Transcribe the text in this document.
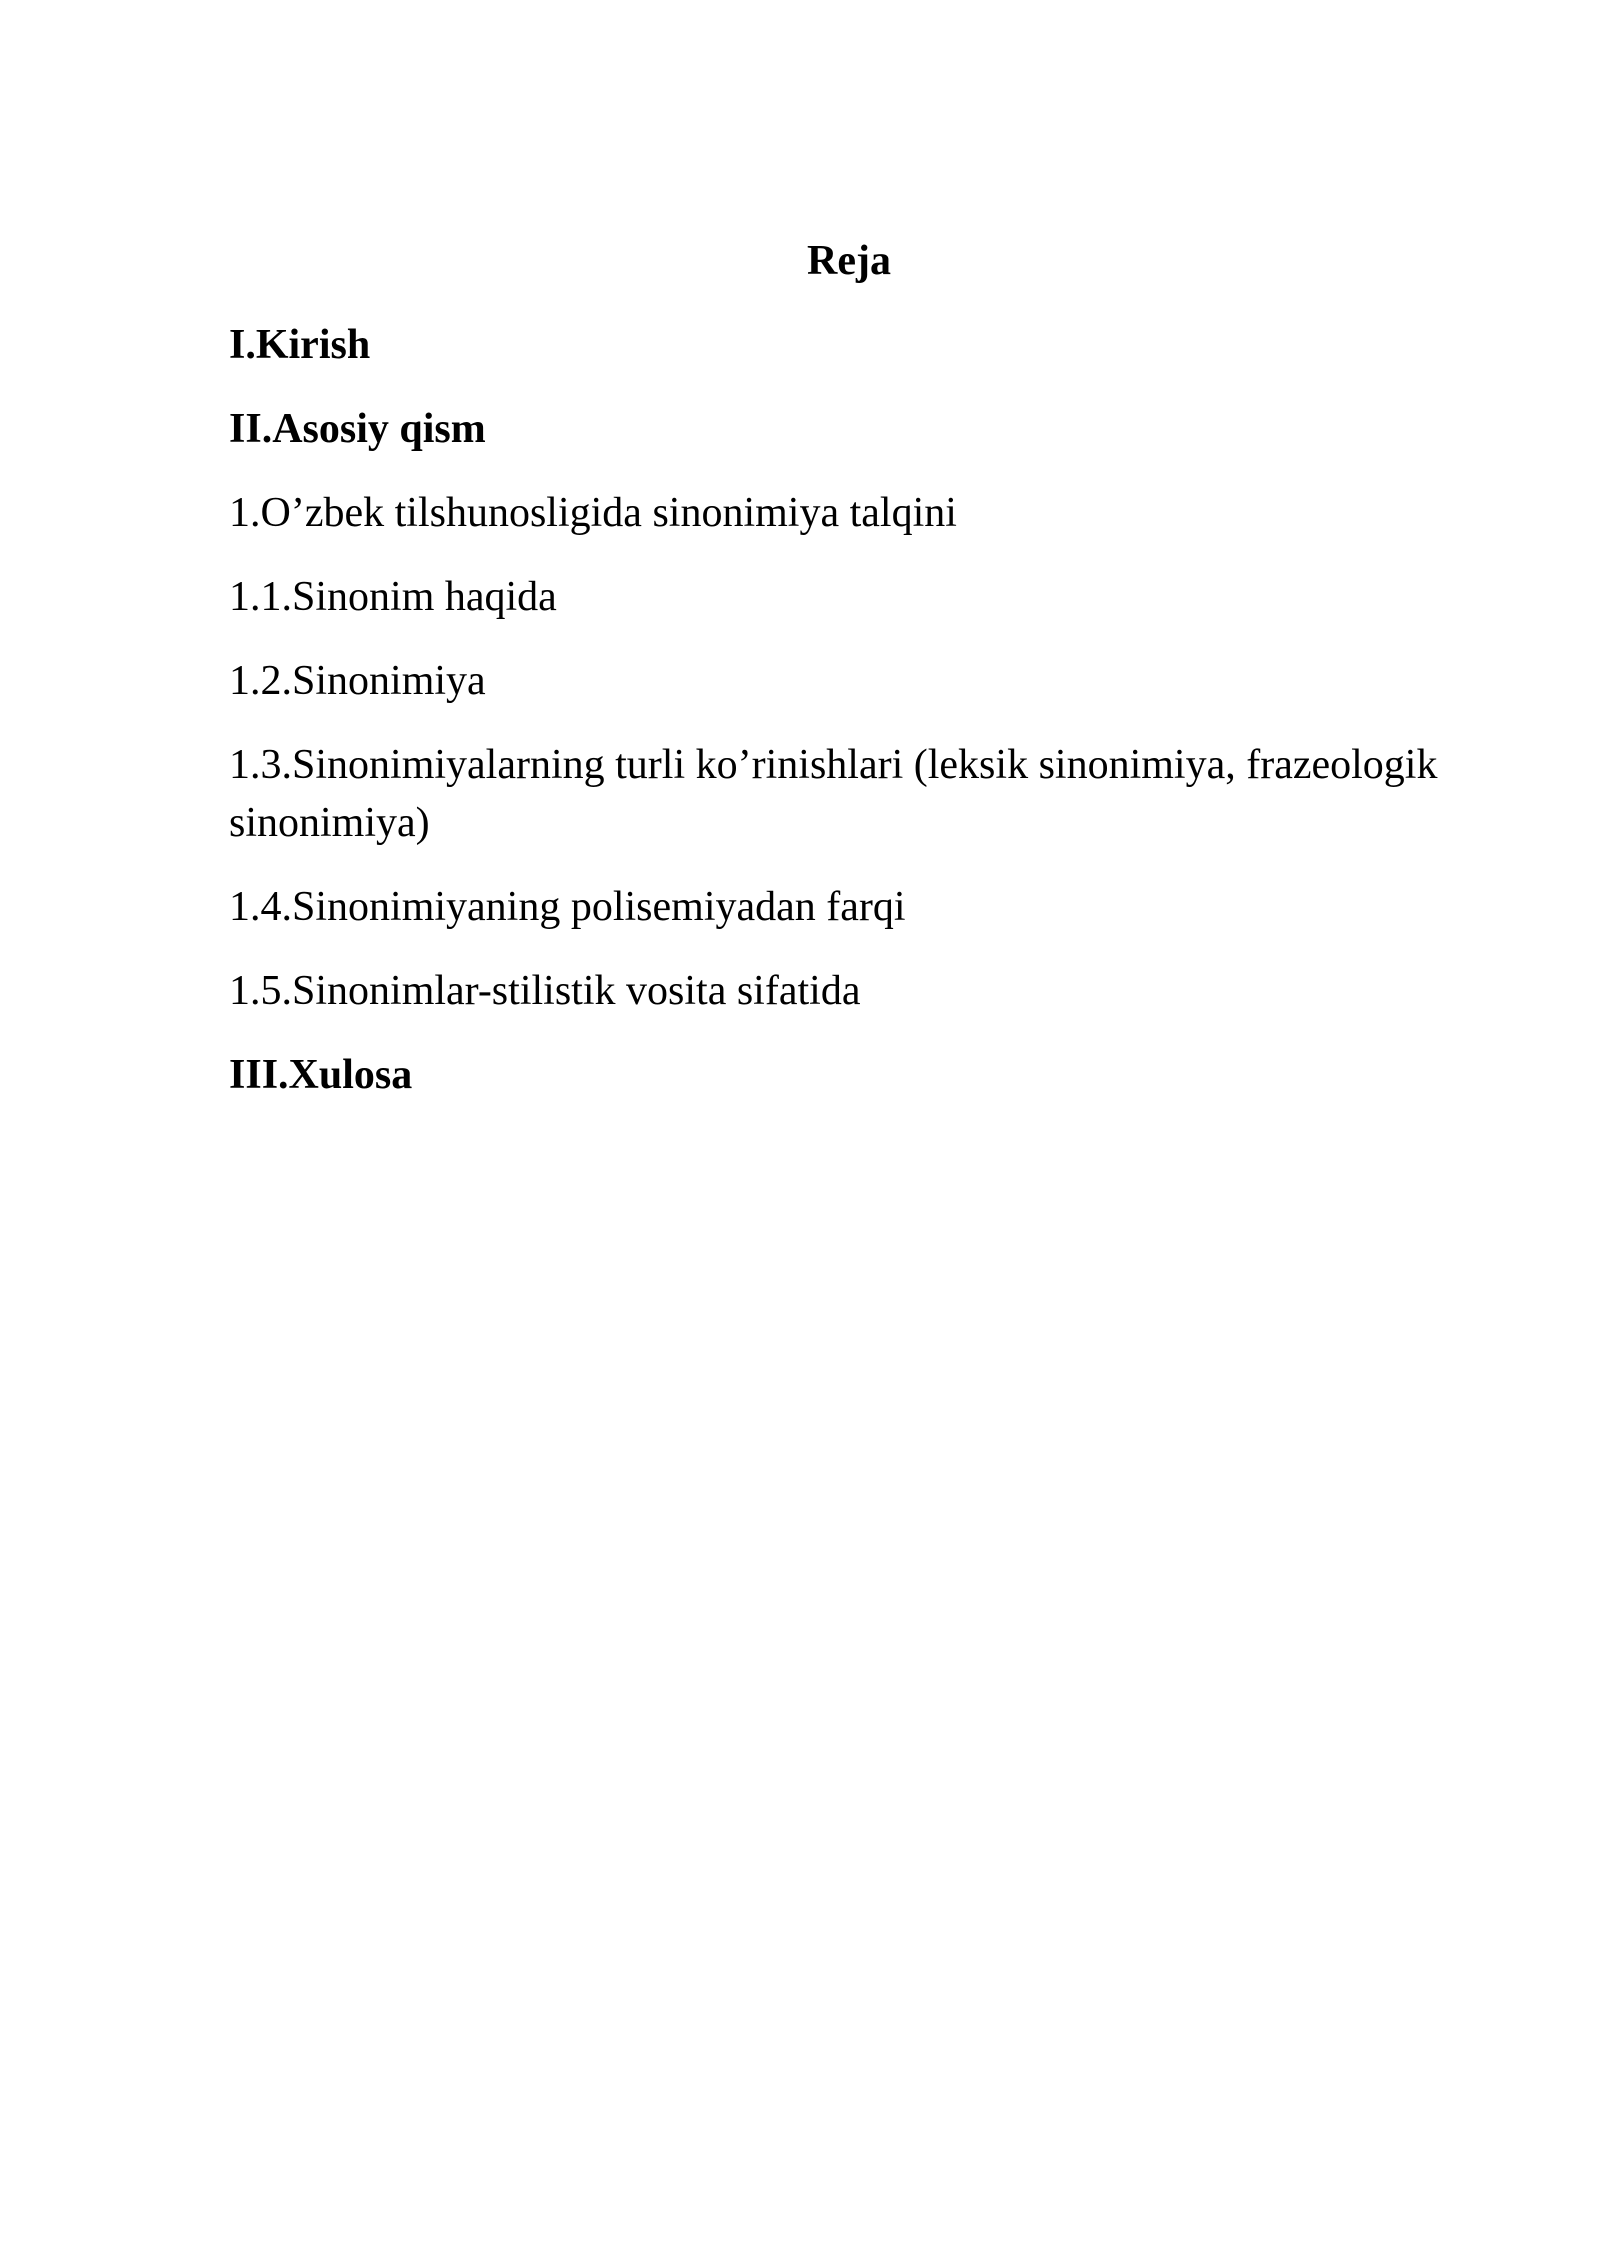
Reja
I.Kirish
II.Asosiy qism
1.O’zbek tilshunosligida sinonimiya talqini
1.1.Sinonim haqida
1.2.Sinonimiya
1.3.Sinonimiyalarning turli ko’rinishlari (leksik sinonimiya, frazeologik sinonimiya)
1.4.Sinonimiyaning polisemiyadan farqi
1.5.Sinonimlar-stilistik vosita sifatida
III.Xulosa
